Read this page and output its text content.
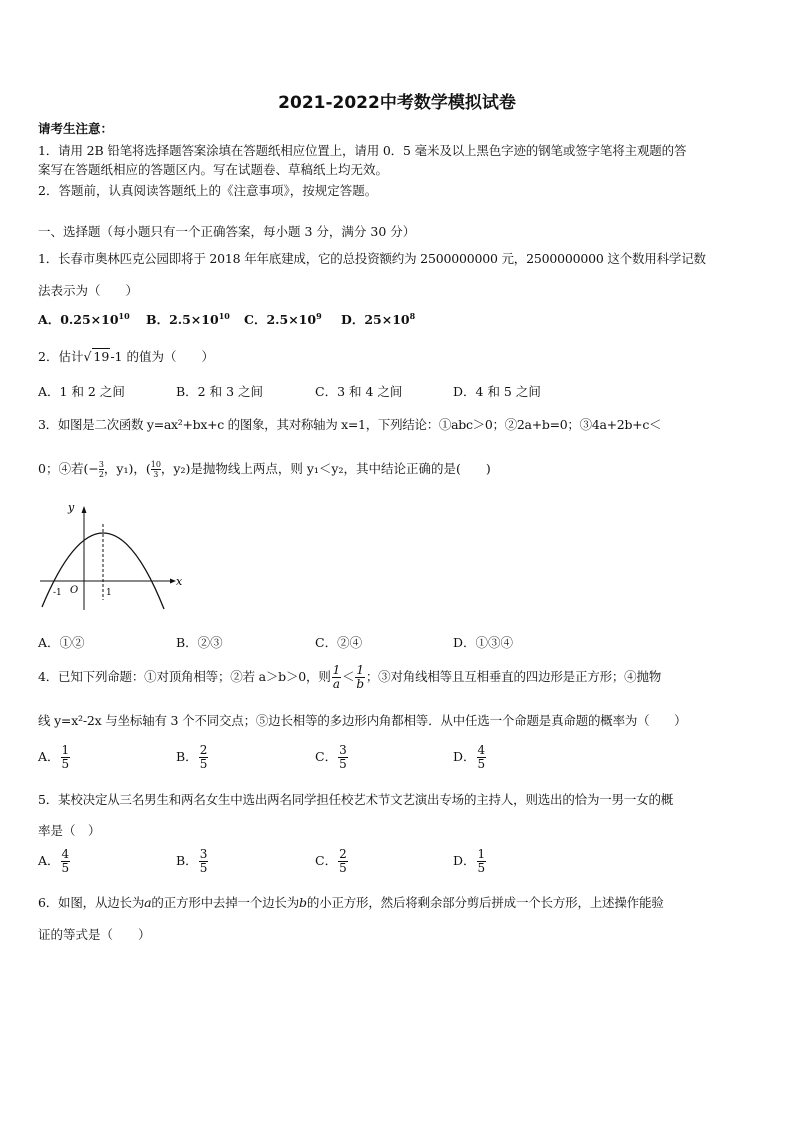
2021-2022中考数学模拟试卷
请考生注意：
1．请用 2B 铅笔将选择题答案涂填在答题纸相应位置上，请用 0．5 毫米及以上黑色字迹的钢笔或签字笔将主观题的答
案写在答题纸相应的答题区内。写在试题卷、草稿纸上均无效。
2．答题前，认真阅读答题纸上的《注意事项》，按规定答题。
一、选择题（每小题只有一个正确答案，每小题 3 分，满分 30 分）
1．长春市奥林匹克公园即将于 2018 年年底建成，它的总投资额约为 2500000000 元，2500000000 这个数用科学记数
法表示为（　　）
A．$0.25\times 10^{10}$ B．$2.5\times 10^{10}$ C．$2.5\times 10^9$ D．$25\times 10^8$
2．估计√ 19-1 的值为（　　）
A．1 和 2 之间	B．2 和 3 之间	C．3 和 4 之间	D．4 和 5 之间
3．如图是二次函数 y=ax²+bx+c 的图象，其对称轴为 x=1，下列结论：①abc＞0；②2a+b=0；③4a+2b+c＜
0；④若(− $\frac{3}{2}$ ，y₁)，( $\frac{10}{3}$ ，y₂)是抛物线上两点，则 y₁＜y₂，其中结论正确的是(　　)
y
x
O
-1	1
A．①②	B．②③	C．②④	D．①③④
4．已知下列命题：①对顶角相等；②若 a＞b＞0，则 $\frac{1}{a} < \frac{1}{b}$ ；③对角线相等且互相垂直的四边形是正方形；④抛物
线 y=x²-2x 与坐标轴有 3 个不同交点；⑤边长相等的多边形内角都相等．从中任选一个命题是真命题的概率为（　　）
A． $\frac{1}{5}$	B． $\frac{2}{5}$	C． $\frac{3}{5}$	D． $\frac{4}{5}$
5．某校决定从三名男生和两名女生中选出两名同学担任校艺术节文艺演出专场的主持人，则选出的恰为一男一女的概
率是（　）
A． $\frac{4}{5}$	B． $\frac{3}{5}$	C． $\frac{2}{5}$	D． $\frac{1}{5}$
6．如图，从边长为a的正方形中去掉一个边长为b的小正方形，然后将剩余部分剪后拼成一个长方形，上述操作能验
证的等式是（　　）
